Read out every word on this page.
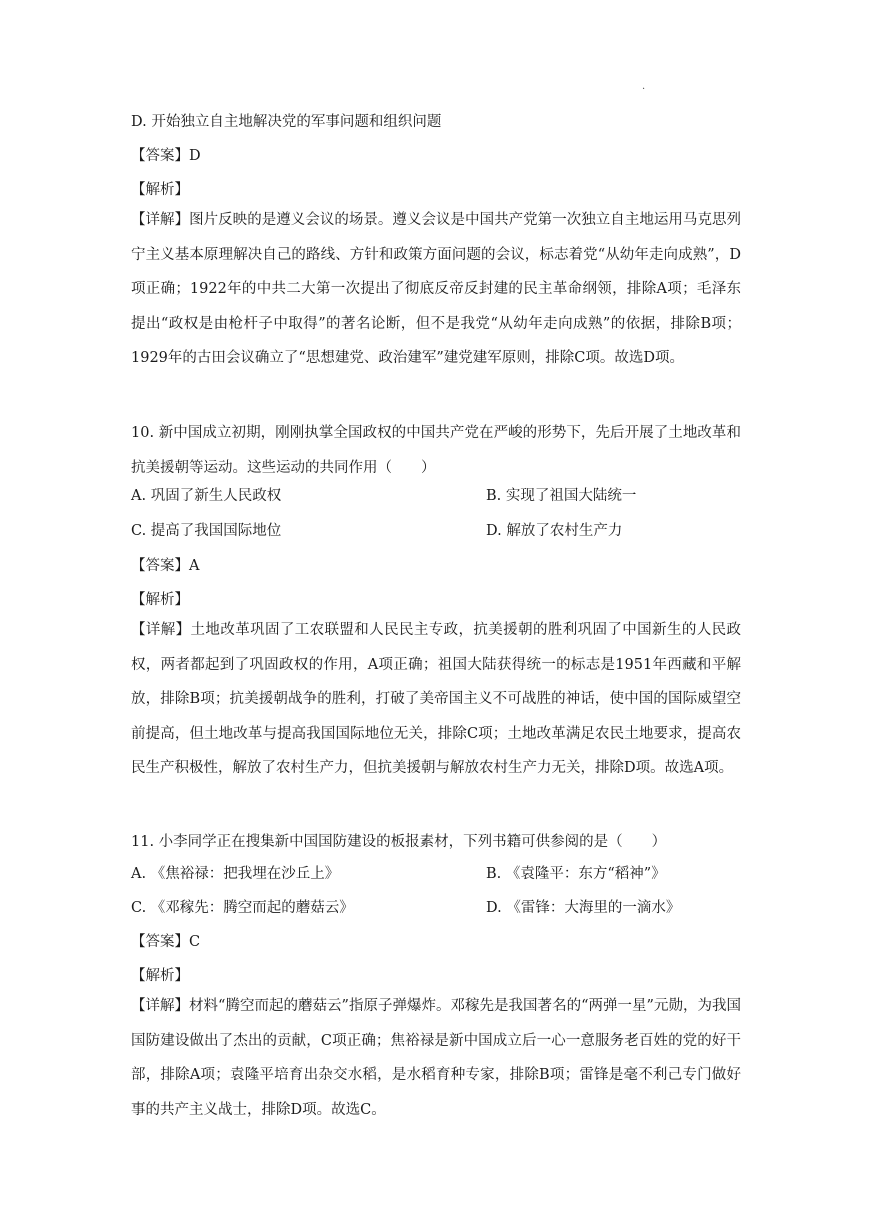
·
D. 开始独立自主地解决党的军事问题和组织问题
【答案】D
【解析】
【详解】图片反映的是遵义会议的场景。遵义会议是中国共产党第一次独立自主地运用马克思列宁主义基本原理解决自己的路线、方针和政策方面问题的会议，标志着党“从幼年走向成熟”，D项正确；1922年的中共二大第一次提出了彻底反帝反封建的民主革命纲领，排除A项；毛泽东提出“政权是由枪杆子中取得”的著名论断，但不是我党“从幼年走向成熟”的依据，排除B项；1929年的古田会议确立了“思想建党、政治建军”建党建军原则，排除C项。故选D项。
10. 新中国成立初期，刚刚执掌全国政权的中国共产党在严峻的形势下，先后开展了土地改革和抗美援朝等运动。这些运动的共同作用（　　）
A. 巩固了新生人民政权	B. 实现了祖国大陆统一
C. 提高了我国国际地位	D. 解放了农村生产力
【答案】A
【解析】
【详解】土地改革巩固了工农联盟和人民民主专政，抗美援朝的胜利巩固了中国新生的人民政权，两者都起到了巩固政权的作用，A项正确；祖国大陆获得统一的标志是1951年西藏和平解放，排除B项；抗美援朝战争的胜利，打破了美帝国主义不可战胜的神话，使中国的国际威望空前提高，但土地改革与提高我国国际地位无关，排除C项；土地改革满足农民土地要求，提高农民生产积极性，解放了农村生产力，但抗美援朝与解放农村生产力无关，排除D项。故选A项。
11. 小李同学正在搜集新中国国防建设的板报素材，下列书籍可供参阅的是（　　）
A. 《焦裕禄：把我埋在沙丘上》	B. 《袁隆平：东方“稻神”》
C. 《邓稼先：腾空而起的蘑菇云》	D. 《雷锋：大海里的一滴水》
【答案】C
【解析】
【详解】材料“腾空而起的蘑菇云”指原子弹爆炸。邓稼先是我国著名的“两弹一星”元勋，为我国国防建设做出了杰出的贡献，C项正确；焦裕禄是新中国成立后一心一意服务老百姓的党的好干部，排除A项；袁隆平培育出杂交水稻，是水稻育种专家，排除B项；雷锋是毫不利己专门做好事的共产主义战士，排除D项。故选C。
